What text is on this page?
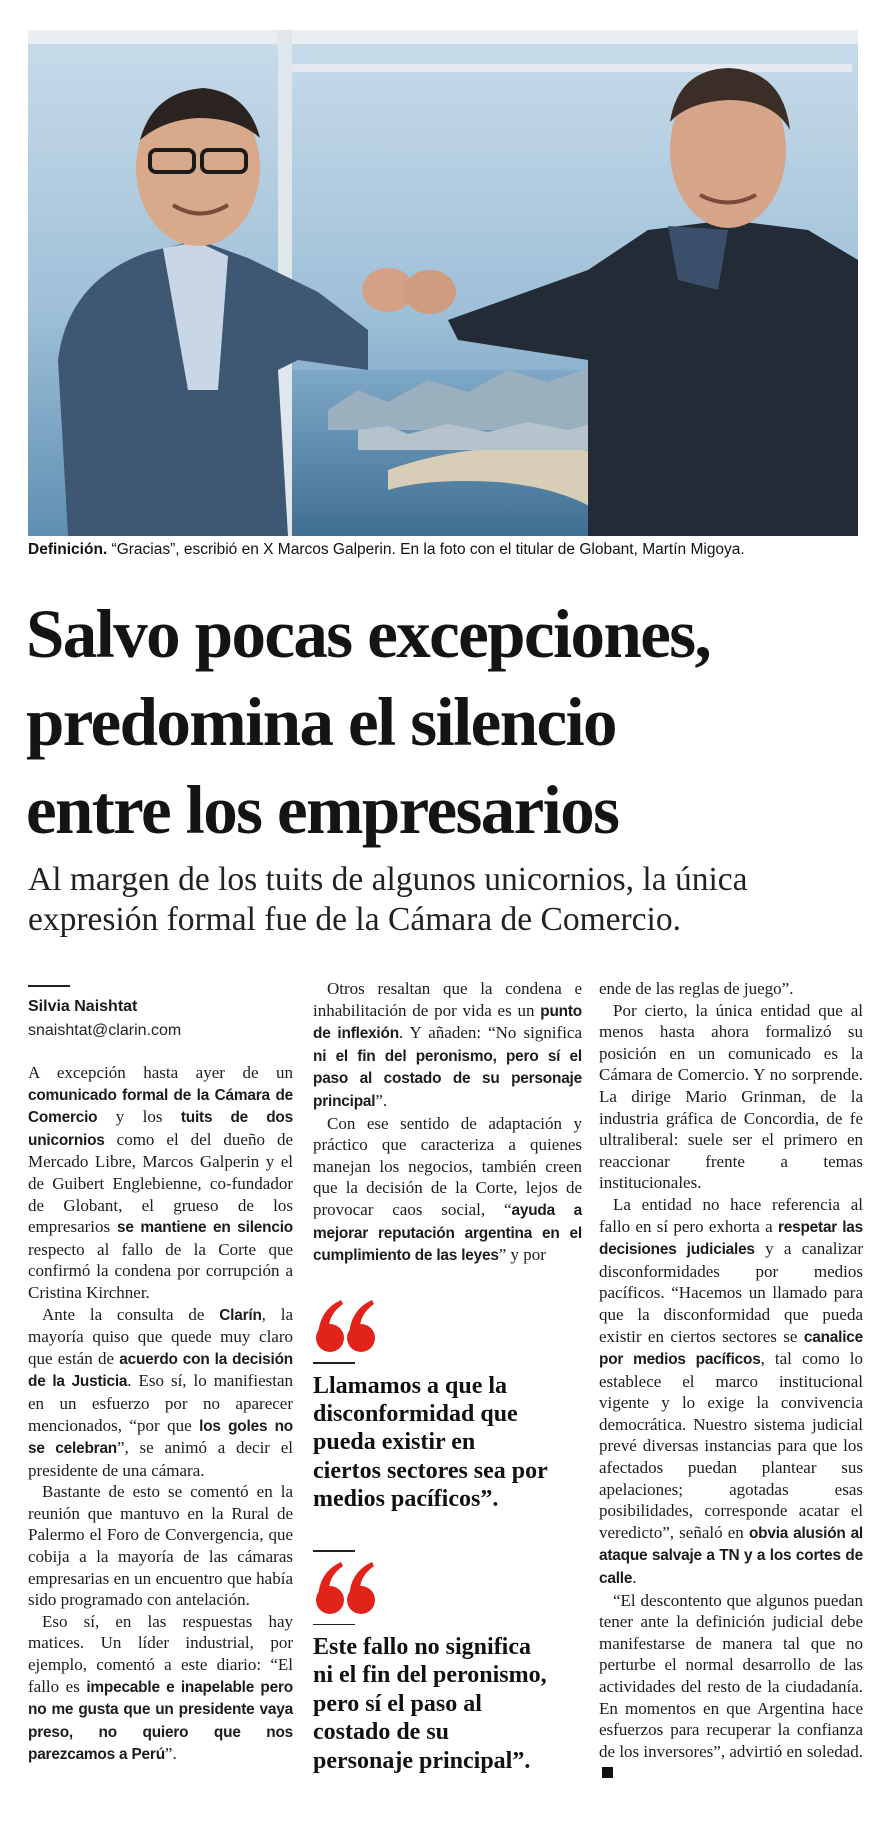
Definición. “Gracias”, escribió en X Marcos Galperin. En la foto con el titular de Globant, Martín Migoya.
Salvo pocas excepciones,
predomina el silencio
entre los empresarios
Al margen de los tuits de algunos unicornios, la única
expresión formal fue de la Cámara de Comercio.
Silvia Naishtat
snaishtat@clarin.com

A excepción hasta ayer de un comunicado formal de la Cámara de Comercio y los tuits de dos unicornios como el del dueño de Mercado Libre, Marcos Galperin y el de Guibert Englebienne, co-fundador de Globant, el grueso de los empresarios se mantiene en silencio respecto al fallo de la Corte que confirmó la condena por corrupción a Cristina Kirchner.

Ante la consulta de Clarín, la mayoría quiso que quede muy claro que están de acuerdo con la decisión de la Justicia. Eso sí, lo manifiestan en un esfuerzo por no aparecer mencionados, “por que los goles no se celebran”, se animó a decir el presidente de una cámara.

Bastante de esto se comentó en la reunión que mantuvo en la Rural de Palermo el Foro de Convergencia, que cobija a la mayoría de las cámaras empresarias en un encuentro que había sido programado con antelación.

Eso sí, en las respuestas hay matices. Un líder industrial, por ejemplo, comentó a este diario: “El fallo es impecable e inapelable pero no me gusta que un presidente vaya preso, no quiero que nos parezcamos a Perú”.

Otros resaltan que la condena e inhabilitación de por vida es un punto de inflexión. Y añaden: “No significa ni el fin del peronismo, pero sí el paso al costado de su personaje principal”.

Con ese sentido de adaptación y práctico que caracteriza a quienes manejan los negocios, también creen que la decisión de la Corte, lejos de provocar caos social, “ayuda a mejorar reputación argentina en el cumplimiento de las leyes” y por

Llamamos a que la
disconformidad que
pueda existir en
ciertos sectores sea por
medios pacíficos”.
Este fallo no significa
ni el fin del peronismo,
pero sí el paso al
costado de su
personaje principal”.

ende de las reglas de juego”.

Por cierto, la única entidad que al menos hasta ahora formalizó su posición en un comunicado es la Cámara de Comercio. Y no sorprende. La dirige Mario Grinman, de la industria gráfica de Concordia, de fe ultraliberal: suele ser el primero en reaccionar frente a temas institucionales.

La entidad no hace referencia al fallo en sí pero exhorta a respetar las decisiones judiciales y a canalizar disconformidades por medios pacíficos. “Hacemos un llamado para que la disconformidad que pueda existir en ciertos sectores se canalice por medios pacíficos, tal como lo establece el marco institucional vigente y lo exige la convivencia democrática. Nuestro sistema judicial prevé diversas instancias para que los afectados puedan plantear sus apelaciones; agotadas esas posibilidades, corresponde acatar el veredicto”, señaló en obvia alusión al ataque salvaje a TN y a los cortes de calle.

“El descontento que algunos puedan tener ante la definición judicial debe manifestarse de manera tal que no perturbe el normal desarrollo de las actividades del resto de la ciudadanía. En momentos en que Argentina hace esfuerzos para recuperar la confianza de los inversores”, advirtió en soledad.
